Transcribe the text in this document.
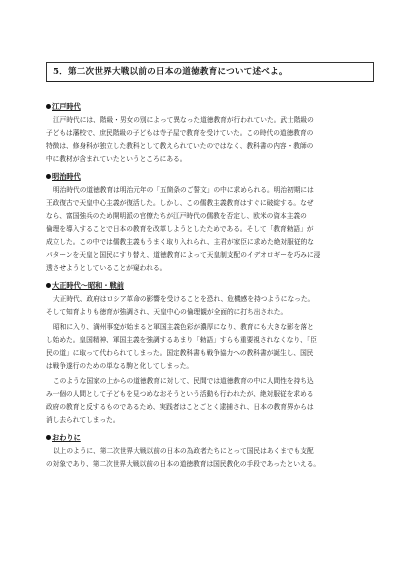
5．第二次世界大戦以前の日本の道徳教育について述べよ。
江戸時代
江戸時代には、階級・男女の別によって異なった道徳教育が行われていた。武士階級の
子どもは藩校で、庶民階級の子どもは寺子屋で教育を受けていた。この時代の道徳教育の
特徴は、修身科が独立した教科として教えられていたのではなく、教科書の内容・教師の
中に教材が含まれていたというところにある。
明治時代
明治時代の道徳教育は明治元年の「五箇条のご誓文」の中に求められる。明治初期には
王政復古で天皇中心主義が復活した。しかし、この儒教主義教育はすぐに破綻する。なぜ
なら、富国強兵のため開明派の官僚たちが江戸時代の儒教を否定し、欧米の資本主義の
倫理を導入することで日本の教育を改革しようとしたためである。そして「教育勅語」が
成立した。この中では儒教主義もうまく取り入れられ、主君が家臣に求めた絶対服従的な
パターンを天皇と国民にすり替え、道徳教育によって天皇制支配のイデオロギーを巧みに浸
透させようとしていることが窺われる。
大正時代～昭和・戦前
大正時代、政府はロシア革命の影響を受けることを恐れ、危機感を持つようになった。
そして知育よりも徳育が強調され、天皇中心の倫理観が全面的に打ち出された。
昭和に入り、満州事変が始まると軍国主義色彩が濃厚になり、教育にも大きな影を落と
し始めた。皇国精神、軍国主義を強調するあまり「勅語」すらも重要視されなくなり、「臣
民の道」に取って代わられてしまった。国定教科書も戦争協力への教科書が誕生し、国民
は戦争遂行のための単なる駒と化してしまった。
このような国家の上からの道徳教育に対して、民間では道徳教育の中に人間性を持ち込
み一個の人間として子どもを見つめなおそうという活動も行われたが、絶対服従を求める
政府の教育と反するものであるため、実践者はことごとく逮捕され、日本の教育界からは
消し去られてしまった。
おわりに
以上のように、第二次世界大戦以前の日本の為政者たちにとって国民はあくまでも支配
の対象であり、第二次世界大戦以前の日本の道徳教育は国民教化の手段であったといえる。
